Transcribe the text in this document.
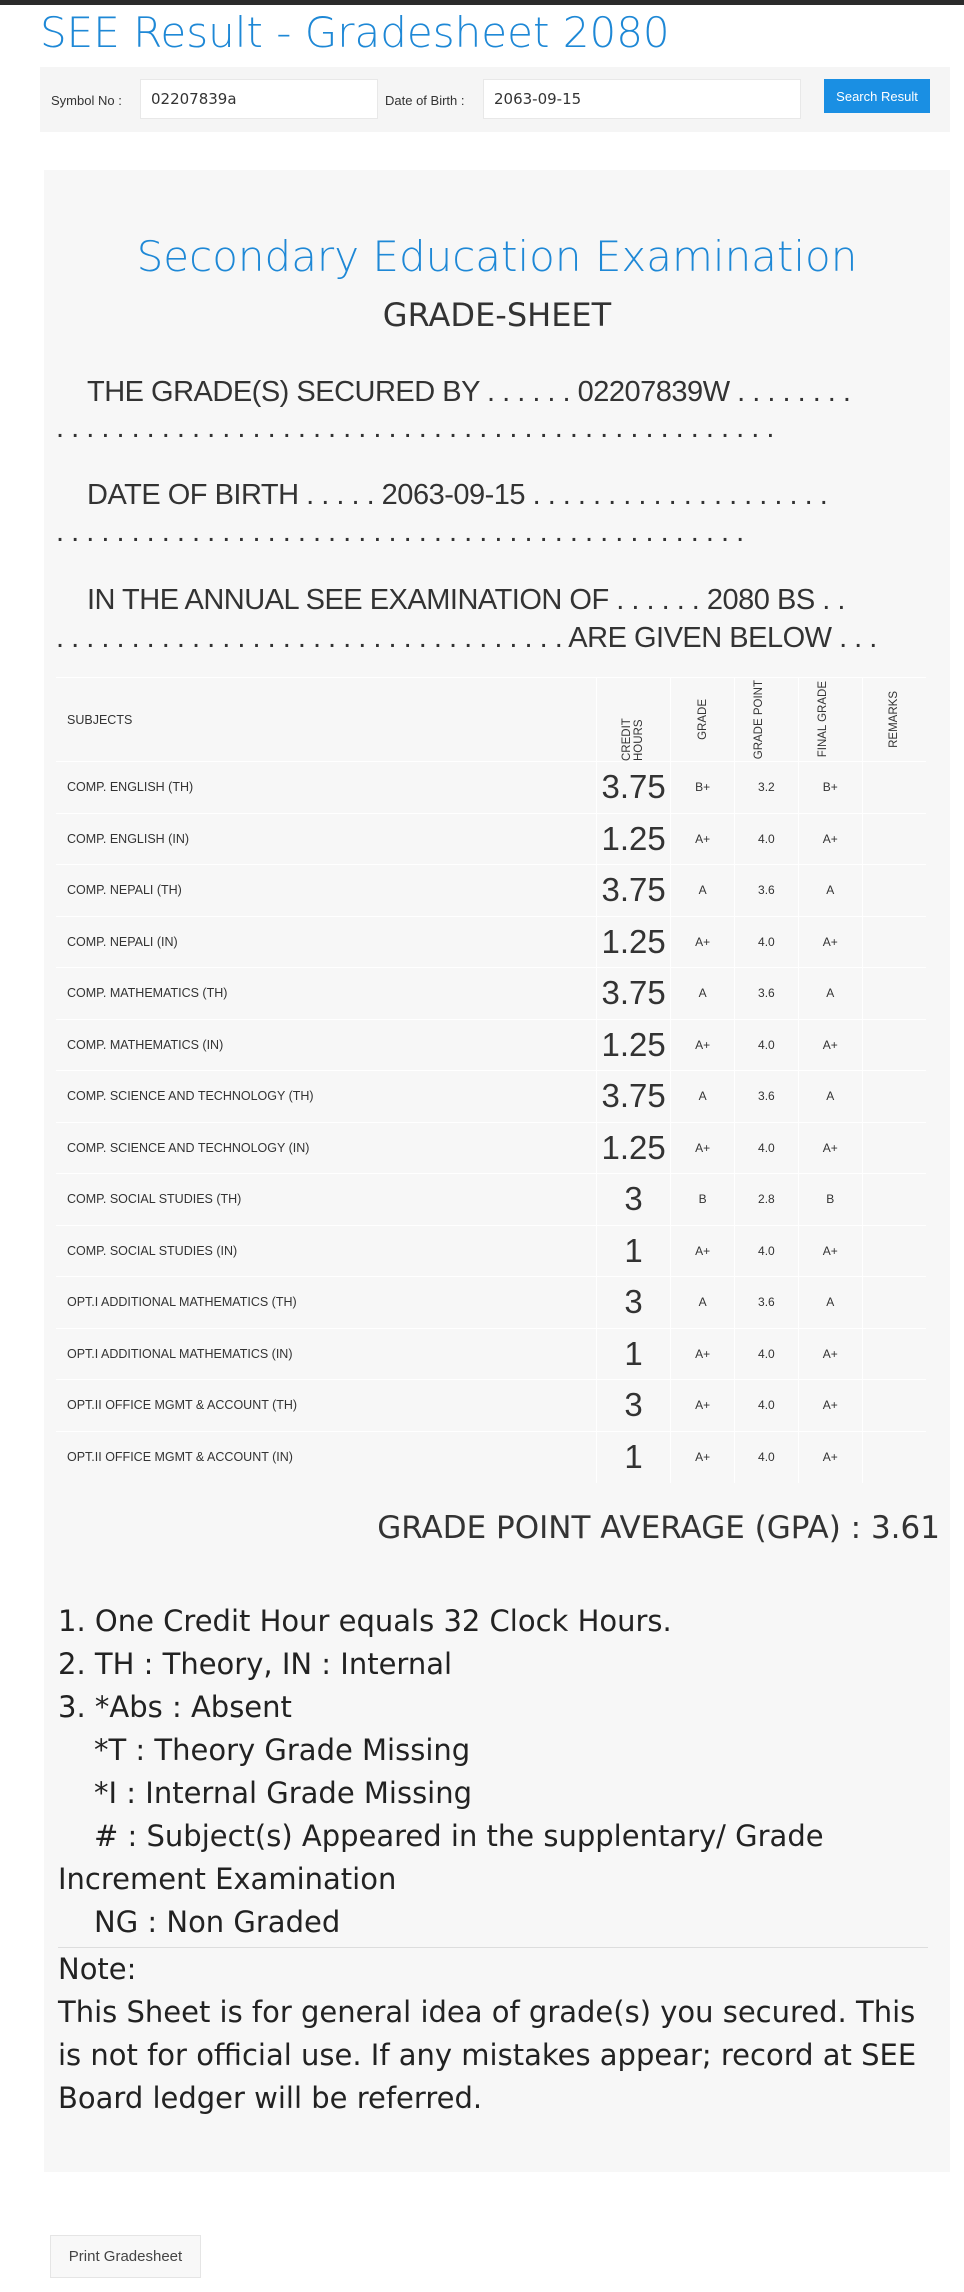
SEE Result - Gradesheet 2080
Symbol No :
02207839a	Date of Birth :
2063-09-15	Search Result
Secondary Education Examination
GRADE-SHEET
THE GRADE(S) SECURED BY . . . . . . 02207839W . . . . . . . .
. . . . . . . . . . . . . . . . . . . . . . . . . . . . . . . . . . . . . . . . . . . . . . . .
DATE OF BIRTH . . . . . 2063-09-15 . . . . . . . . . . . . . . . . . . . .
. . . . . . . . . . . . . . . . . . . . . . . . . . . . . . . . . . . . . . . . . . . . . .
IN THE ANNUAL SEE EXAMINATION OF . . . . . . 2080 BS . .
. . . . . . . . . . . . . . . . . . . . . . . . . . . . . . . . . . ARE GIVEN BELOW . . .
SUBJECTS	CREDIT HOURS	GRADE	GRADE POINT	FINAL GRADE	REMARKS

COMP. ENGLISH (TH)	3.75	B+	3.2	B+	
COMP. ENGLISH (IN)	1.25	A+	4.0	A+	
COMP. NEPALI (TH)	3.75	A	3.6	A	
COMP. NEPALI (IN)	1.25	A+	4.0	A+	
COMP. MATHEMATICS (TH)	3.75	A	3.6	A	
COMP. MATHEMATICS (IN)	1.25	A+	4.0	A+	
COMP. SCIENCE AND TECHNOLOGY (TH)	3.75	A	3.6	A	
COMP. SCIENCE AND TECHNOLOGY (IN)	1.25	A+	4.0	A+	
COMP. SOCIAL STUDIES (TH)	3	B	2.8	B	
COMP. SOCIAL STUDIES (IN)	1	A+	4.0	A+	
OPT.I ADDITIONAL MATHEMATICS (TH)	3	A	3.6	A	
OPT.I ADDITIONAL MATHEMATICS (IN)	1	A+	4.0	A+	
OPT.II OFFICE MGMT & ACCOUNT (TH)	3	A+	4.0	A+	
OPT.II OFFICE MGMT & ACCOUNT (IN)	1	A+	4.0	A+	
GRADE POINT AVERAGE (GPA) : 3.61
1. One Credit Hour equals 32 Clock Hours.
2. TH : Theory, IN : Internal
3. *Abs : Absent
*T : Theory Grade Missing
*I : Internal Grade Missing
# : Subject(s) Appeared in the supplentary/ Grade
Increment Examination
NG : Non Graded
Note:
This Sheet is for general idea of grade(s) you secured. This is not for official use. If any mistakes appear; record at SEE Board ledger will be referred.
Print Gradesheet
